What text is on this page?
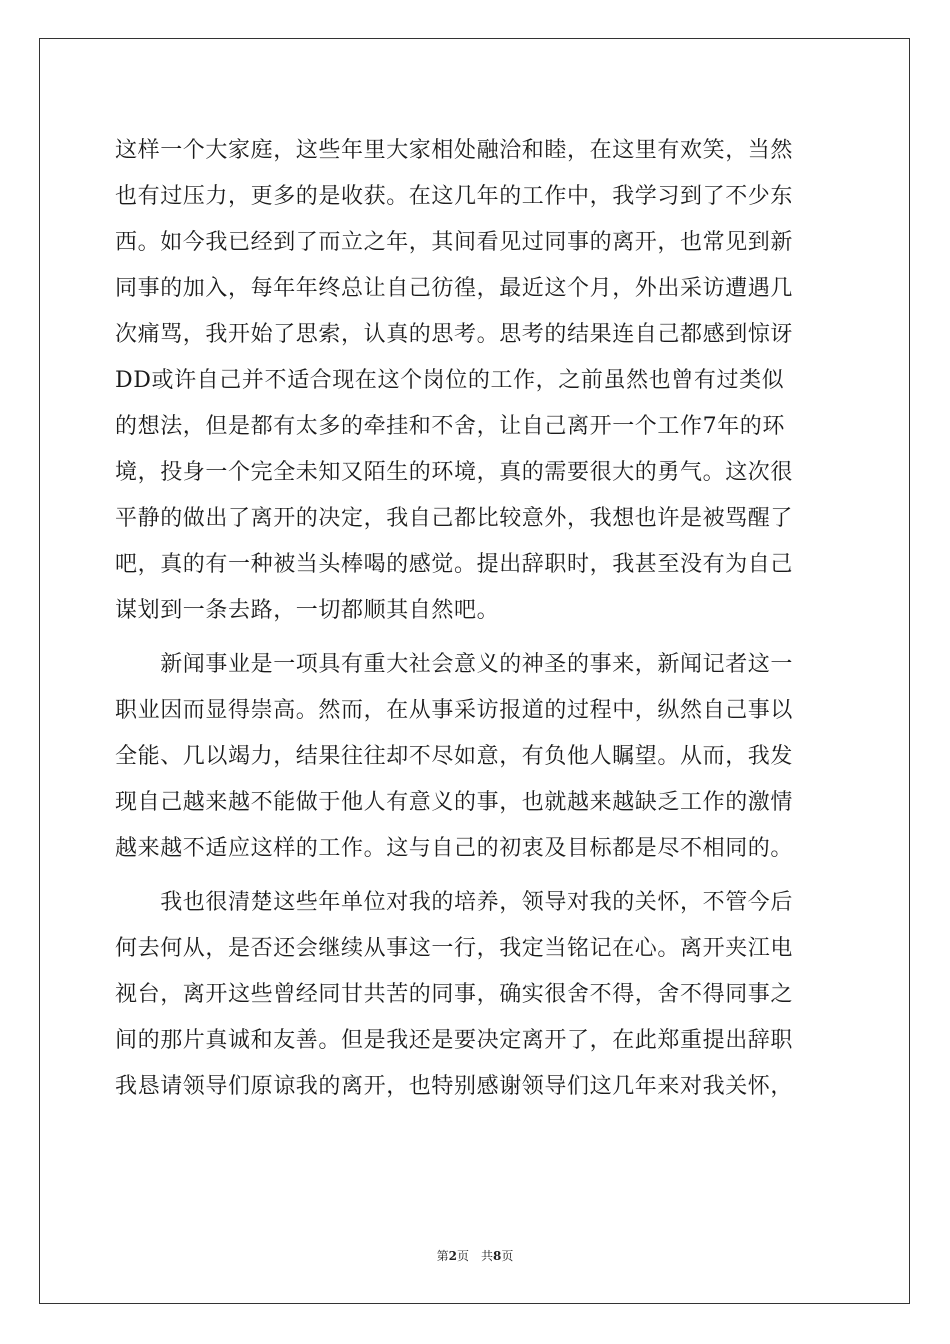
这样一个大家庭，这些年里大家相处融洽和睦，在这里有欢笑，当然
也有过压力，更多的是收获。在这几年的工作中，我学习到了不少东
西。如今我已经到了而立之年，其间看见过同事的离开，也常见到新
同事的加入，每年年终总让自己彷徨，最近这个月，外出采访遭遇几
次痛骂，我开始了思索，认真的思考。思考的结果连自己都感到惊讶
DD或许自己并不适合现在这个岗位的工作，之前虽然也曾有过类似
的想法，但是都有太多的牵挂和不舍，让自己离开一个工作7年的环
境，投身一个完全未知又陌生的环境，真的需要很大的勇气。这次很
平静的做出了离开的决定，我自己都比较意外，我想也许是被骂醒了
吧，真的有一种被当头棒喝的感觉。提出辞职时，我甚至没有为自己
谋划到一条去路，一切都顺其自然吧。
　　新闻事业是一项具有重大社会意义的神圣的事来，新闻记者这一
职业因而显得崇高。然而，在从事采访报道的过程中，纵然自己事以
全能、几以竭力，结果往往却不尽如意，有负他人瞩望。从而，我发
现自己越来越不能做于他人有意义的事，也就越来越缺乏工作的激情
越来越不适应这样的工作。这与自己的初衷及目标都是尽不相同的。
　　我也很清楚这些年单位对我的培养，领导对我的关怀，不管今后
何去何从，是否还会继续从事这一行，我定当铭记在心。离开夹江电
视台，离开这些曾经同甘共苦的同事，确实很舍不得，舍不得同事之
间的那片真诚和友善。但是我还是要决定离开了，在此郑重提出辞职
我恳请领导们原谅我的离开，也特别感谢领导们这几年来对我关怀，
第2页 共8页
